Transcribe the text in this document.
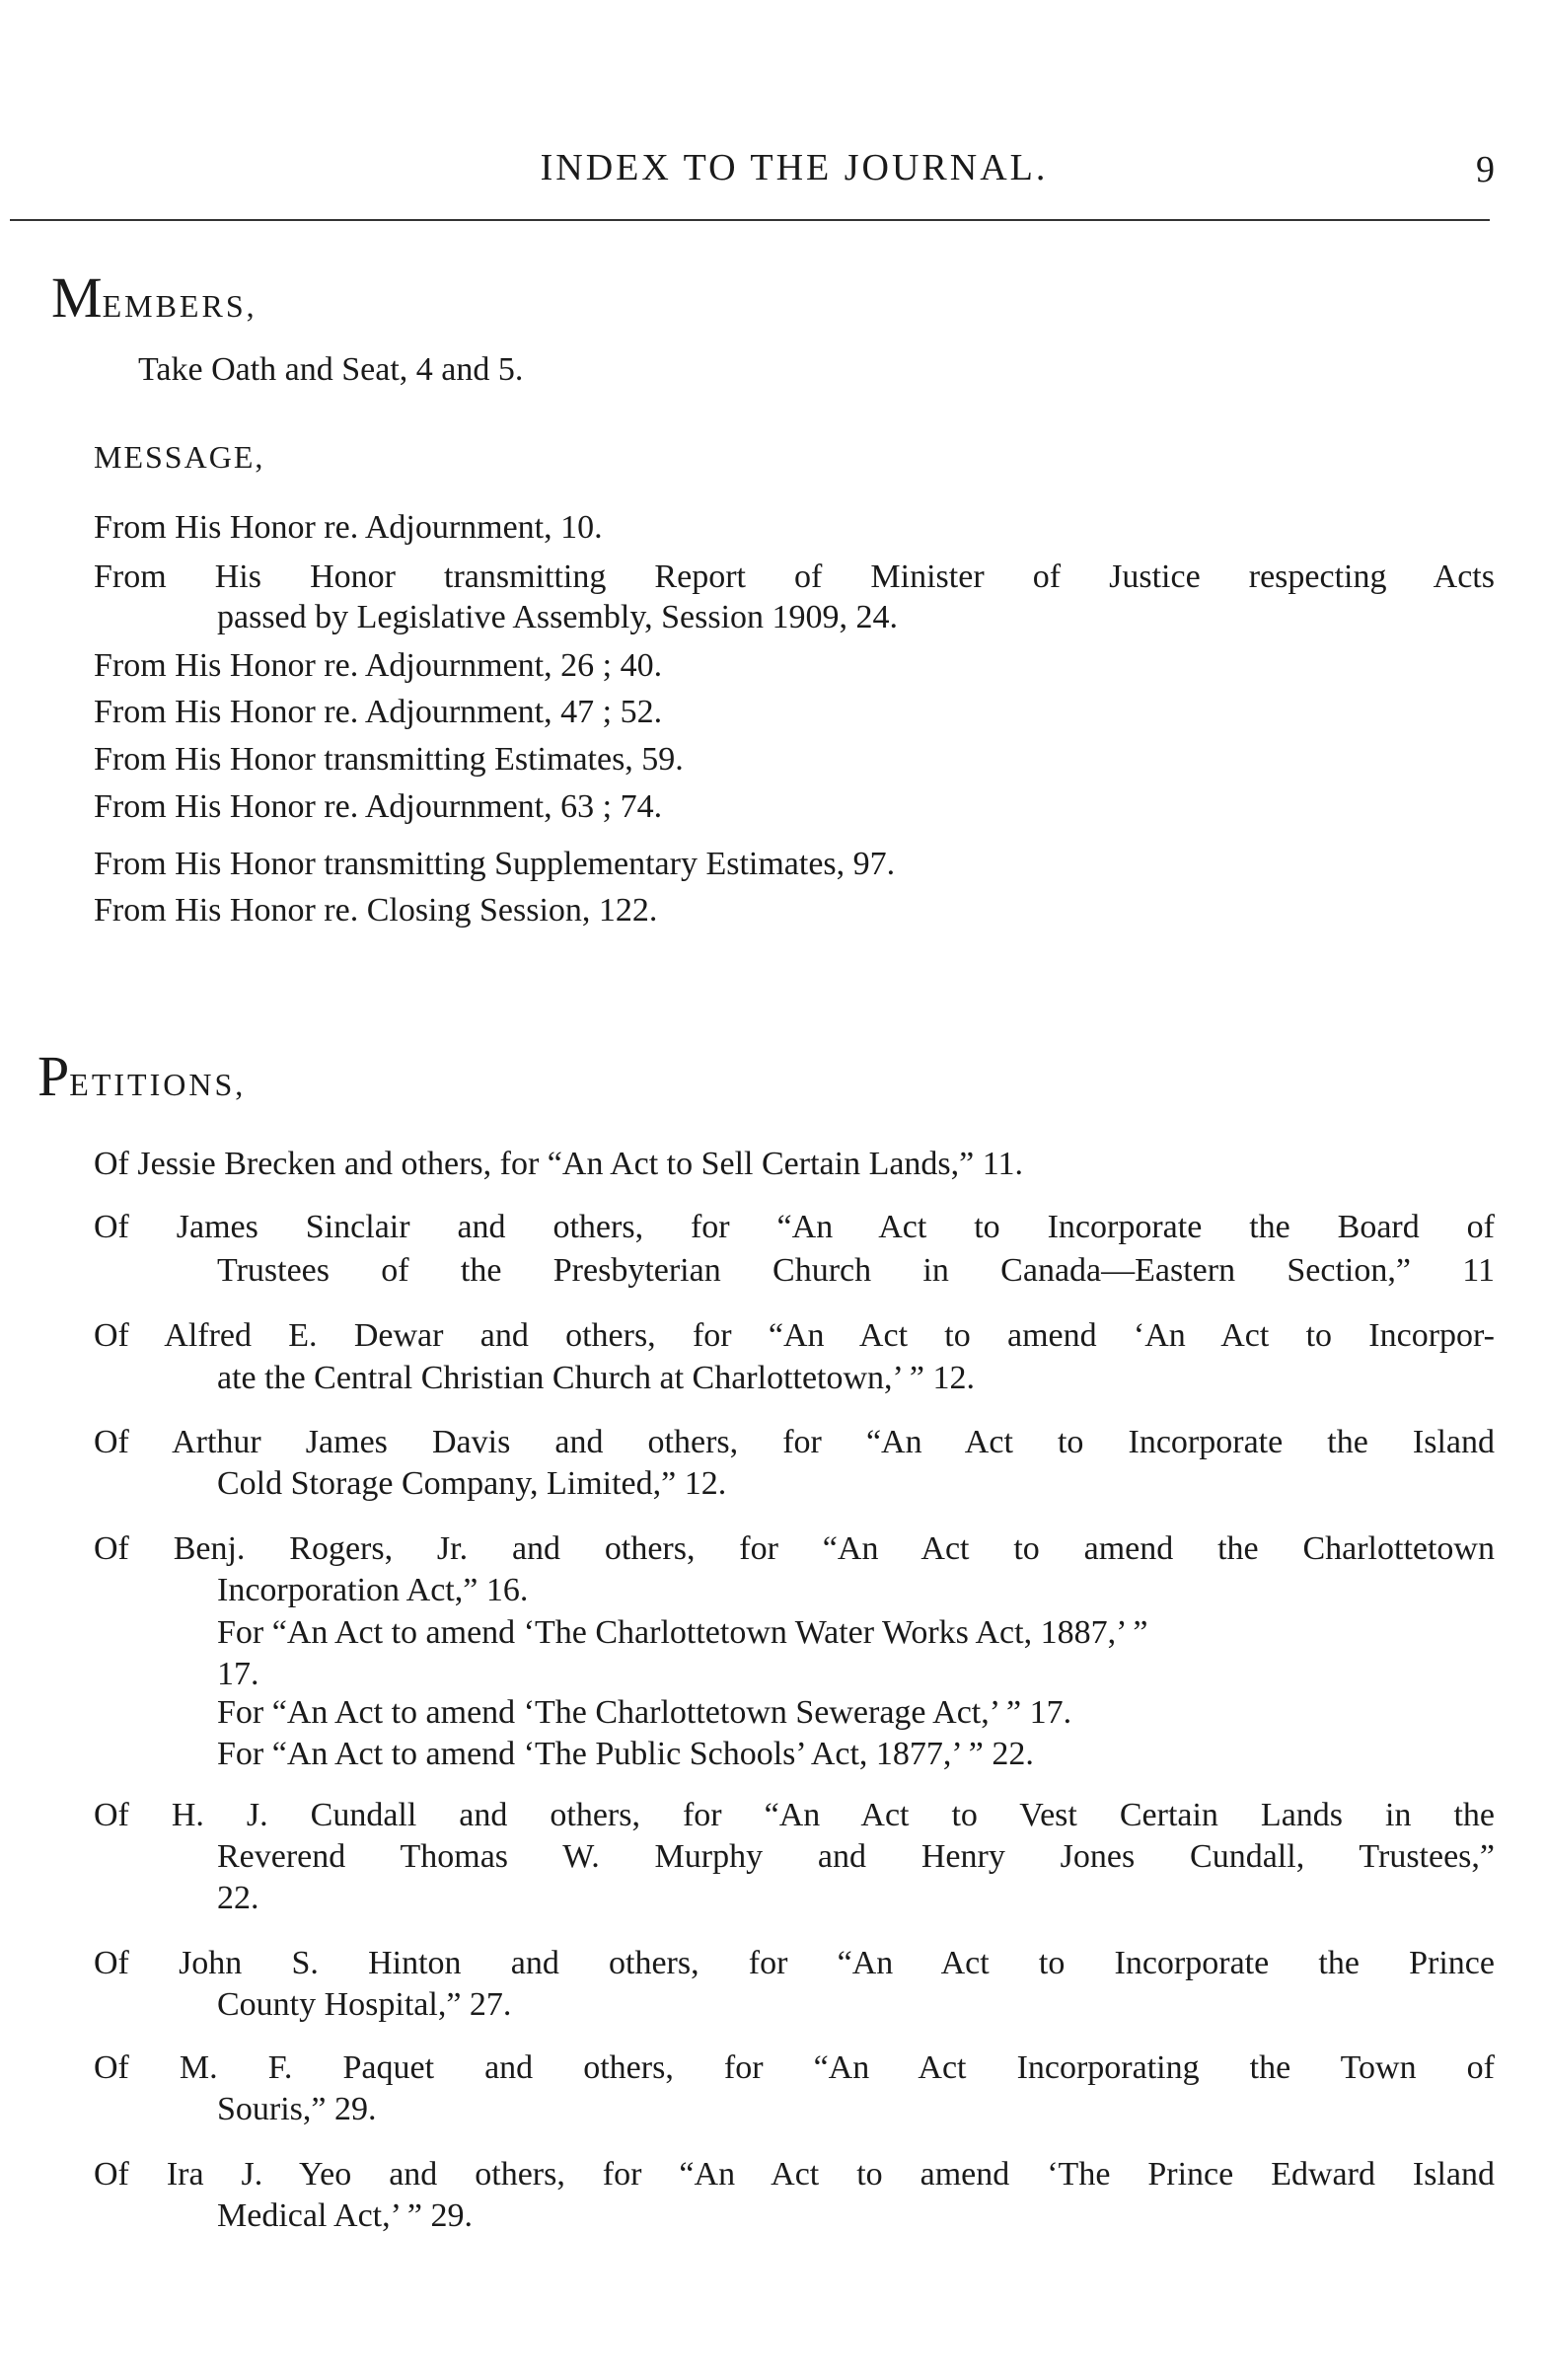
INDEX TO THE JOURNAL.	9
MEMBERS,
Take Oath and Seat, 4 and 5.
MESSAGE,
From His Honor re. Adjournment, 10.
From His Honor transmitting Report of Minister of Justice respecting Acts
passed by Legislative Assembly, Session 1909, 24.
From His Honor re. Adjournment, 26 ; 40.
From His Honor re. Adjournment, 47 ; 52.
From His Honor transmitting Estimates, 59.
From His Honor re. Adjournment, 63 ; 74.
From His Honor transmitting Supplementary Estimates, 97.
From His Honor re. Closing Session, 122.
PETITIONS,
Of Jessie Brecken and others, for “An Act to Sell Certain Lands,” 11.
Of James Sinclair and others, for “An Act to Incorporate the Board of
Trustees of the Presbyterian Church in Canada—Eastern Section,” 11
Of Alfred E. Dewar and others, for “An Act to amend ‘An Act to Incorpor-
ate the Central Christian Church at Charlottetown,’ ” 12.
Of Arthur James Davis and others, for “An Act to Incorporate the Island
Cold Storage Company, Limited,” 12.
Of Benj. Rogers, Jr. and others, for “An Act to amend the Charlottetown
Incorporation Act,” 16.
For “An Act to amend ‘The Charlottetown Water Works Act, 1887,’ ”
17.
For “An Act to amend ‘The Charlottetown Sewerage Act,’ ” 17.
For “An Act to amend ‘The Public Schools’ Act, 1877,’ ” 22.
Of H. J. Cundall and others, for “An Act to Vest Certain Lands in the
Reverend Thomas W. Murphy and Henry Jones Cundall, Trustees,”
22.
Of John S. Hinton and others, for “An Act to Incorporate the Prince
County Hospital,” 27.
Of M. F. Paquet and others, for “An Act Incorporating the Town of
Souris,” 29.
Of Ira J. Yeo and others, for “An Act to amend ‘The Prince Edward Island
Medical Act,’ ” 29.
